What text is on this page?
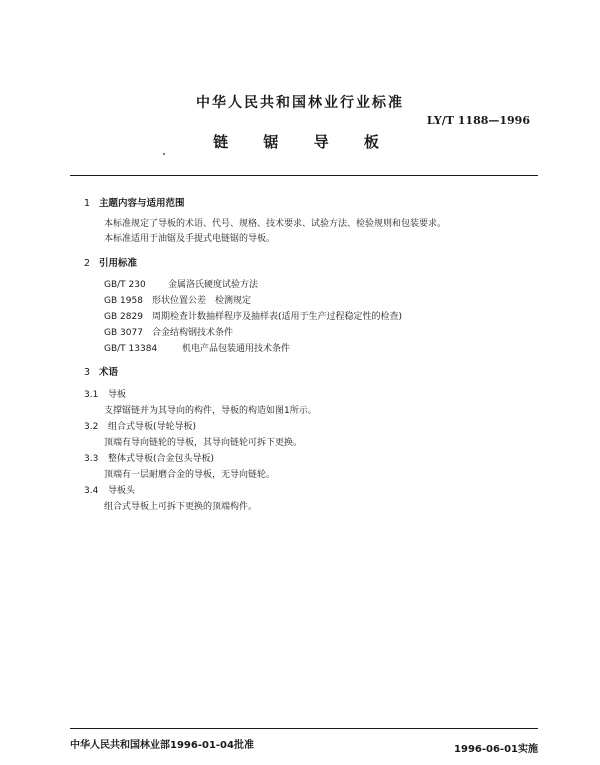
中华人民共和国林业行业标准
LY/T 1188—1996
链 锯 导 板
1 主题内容与适用范围
本标准规定了导板的术语、代号、规格、技术要求、试验方法、检验规则和包装要求。
本标准适用于油锯及手提式电链锯的导板。
2 引用标准
GB/T 230 金属洛氏硬度试验方法
GB 1958 形状位置公差　检测规定
GB 2829 周期检查计数抽样程序及抽样表(适用于生产过程稳定性的检查)
GB 3077 合金结构钢技术条件
GB/T 13384	机电产品包装通用技术条件
3 术语
3.1 导板
支撑锯链并为其导向的构件，导板的构造如图1所示。
3.2 组合式导板(导轮导板)
顶端有导向链轮的导板，其导向链轮可拆下更换。
3.3 整体式导板(合金包头导板)
顶端有一层耐磨合金的导板，无导向链轮。
3.4 导板头
组合式导板上可拆下更换的顶端构件。
中华人民共和国林业部1996-01-04批准	1996-06-01实施
